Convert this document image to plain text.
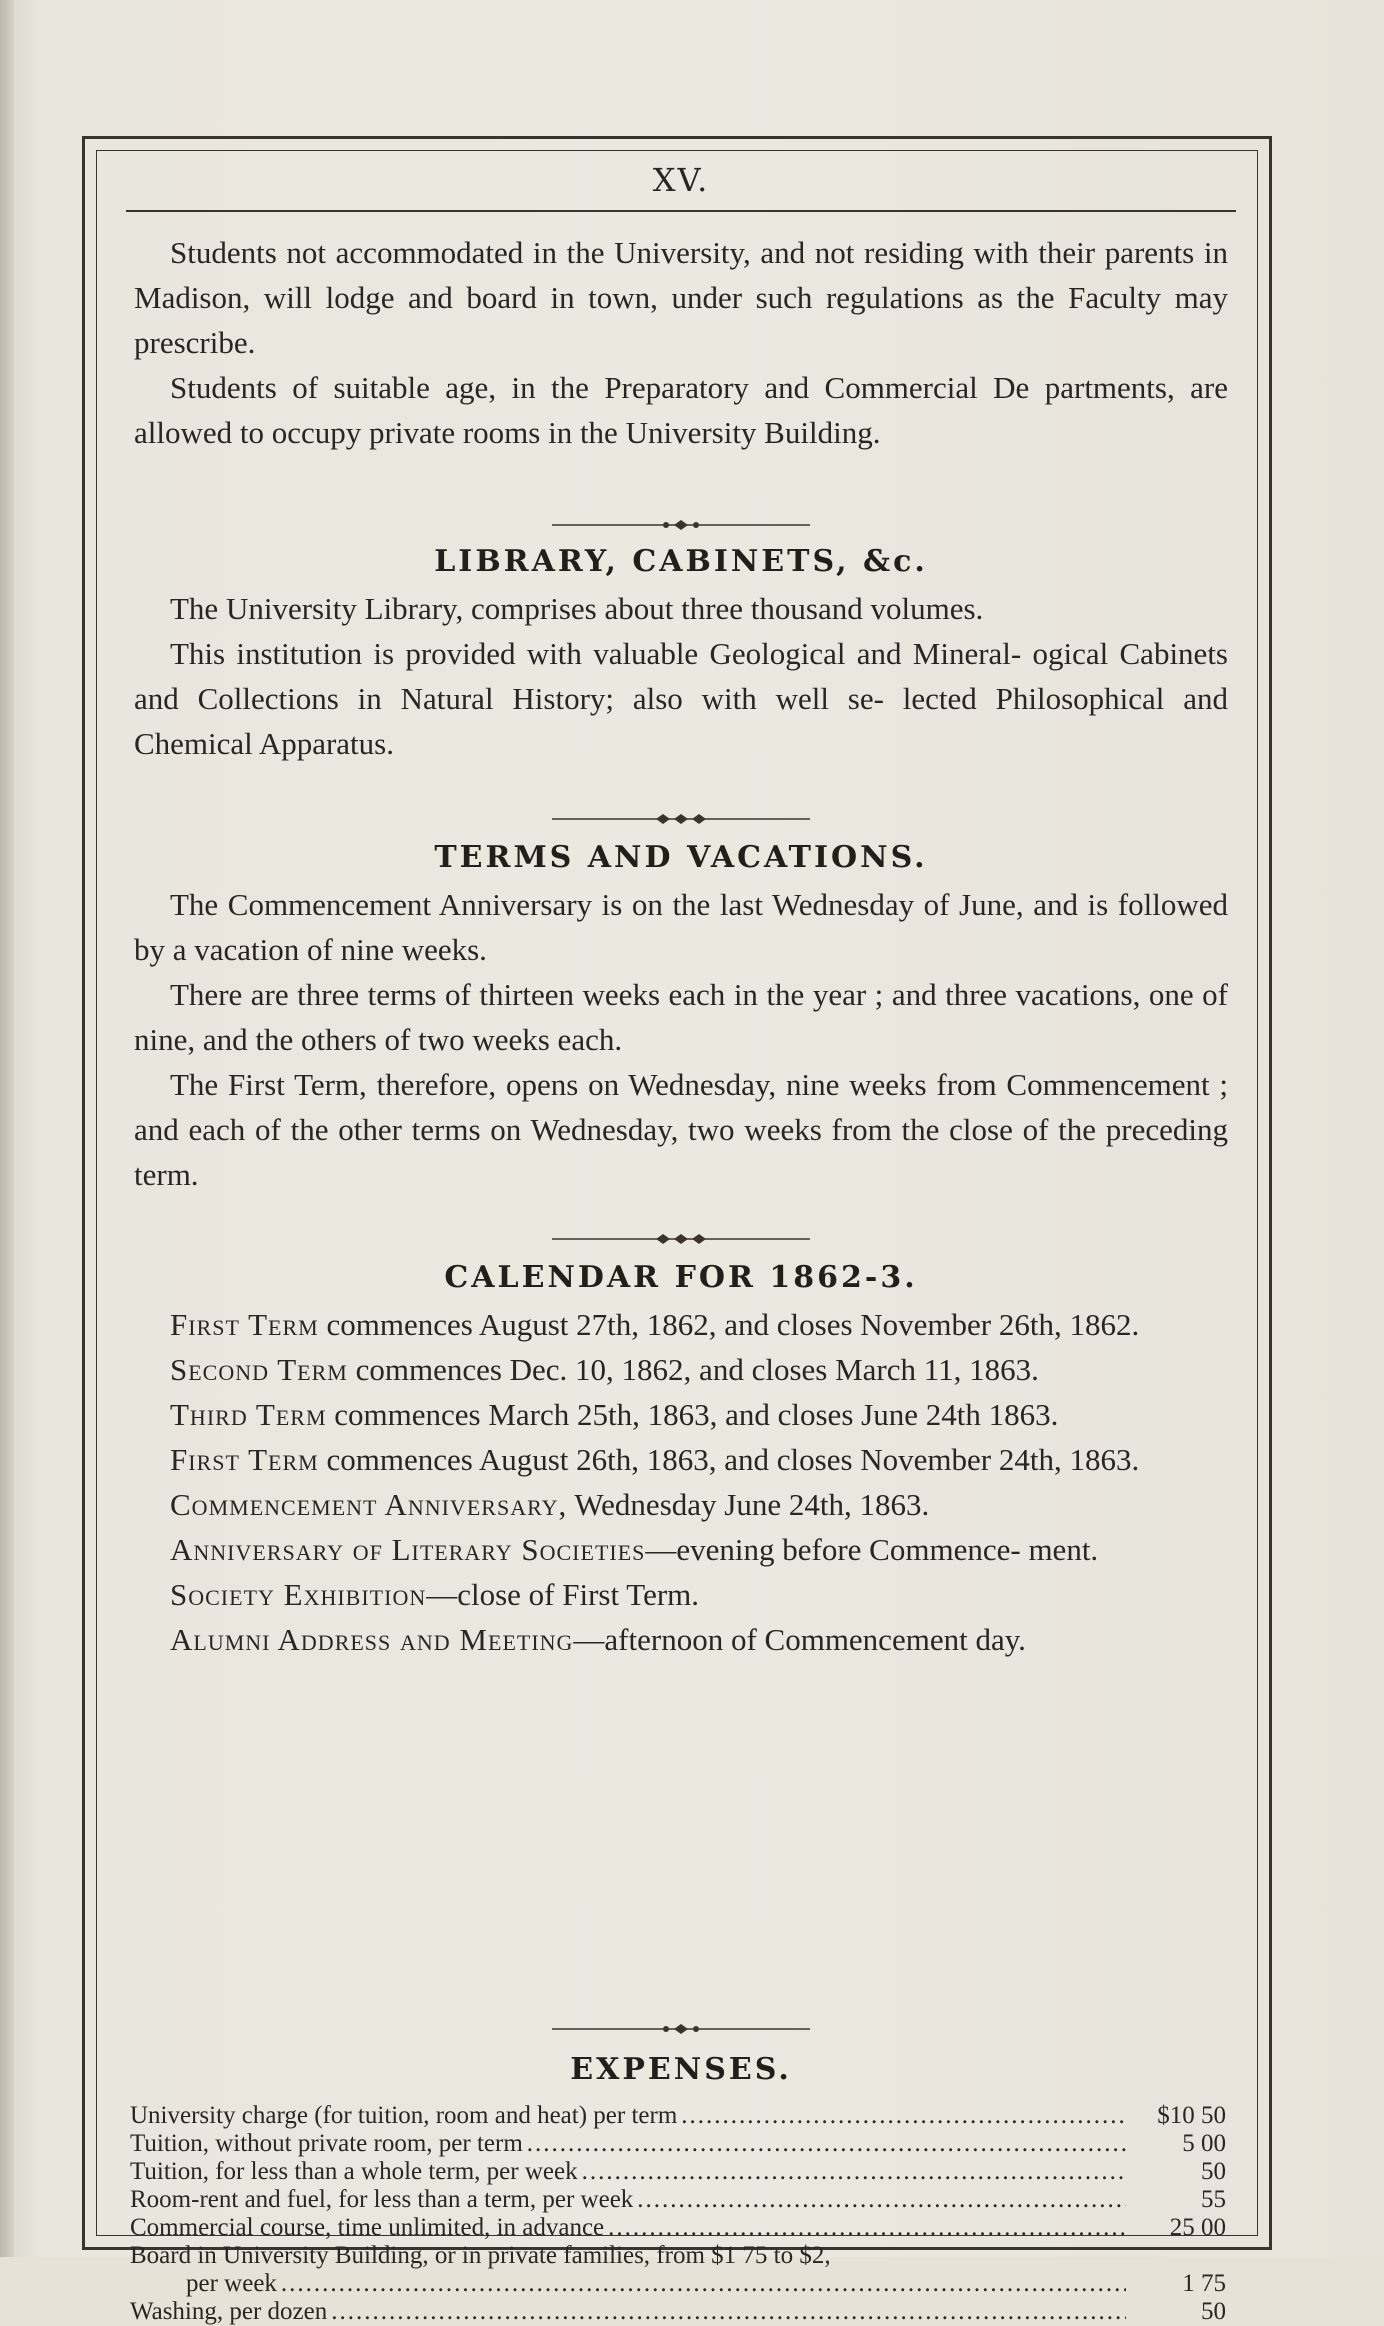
XV.

Students not accommodated in the University, and not residing with their parents in Madison, will lodge and board in town, under such regulations as the Faculty may prescribe.

Students of suitable age, in the Preparatory and Commercial De partments, are allowed to occupy private rooms in the University Building.

LIBRARY, CABINETS, &c.

The University Library, comprises about three thousand volumes.

This institution is provided with valuable Geological and Mineral- ogical Cabinets and Collections in Natural History; also with well se- lected Philosophical and Chemical Apparatus.

TERMS AND VACATIONS.

The Commencement Anniversary is on the last Wednesday of June, and is followed by a vacation of nine weeks.

There are three terms of thirteen weeks each in the year ; and three vacations, one of nine, and the others of two weeks each.

The First Term, therefore, opens on Wednesday, nine weeks from Commencement ; and each of the other terms on Wednesday, two weeks from the close of the preceding term.

CALENDAR FOR 1862-3.

First Term commences August 27th, 1862, and closes November 26th, 1862.

Second Term commences Dec. 10, 1862, and closes March 11, 1863.

Third Term commences March 25th, 1863, and closes June 24th 1863.

First Term commences August 26th, 1863, and closes November 24th, 1863.

Commencement Anniversary, Wednesday June 24th, 1863.

Anniversary of Literary Societies—evening before Commence- ment.

Society Exhibition—close of First Term.

Alumni Address and Meeting—afternoon of Commencement day.

EXPENSES.
University charge (for tuition, room and heat) per term .....	$10 50
Tuition, without private room, per term .....	5 00
Tuition, for less than a whole term, per week .....	50
Room-rent and fuel, for less than a term, per week .....	55
Commercial course, time unlimited, in advance .....	25 00
Board in University Building, or in private families, from $1 75 to $2,
per week .....	1 75
Washing, per dozen .....	50
